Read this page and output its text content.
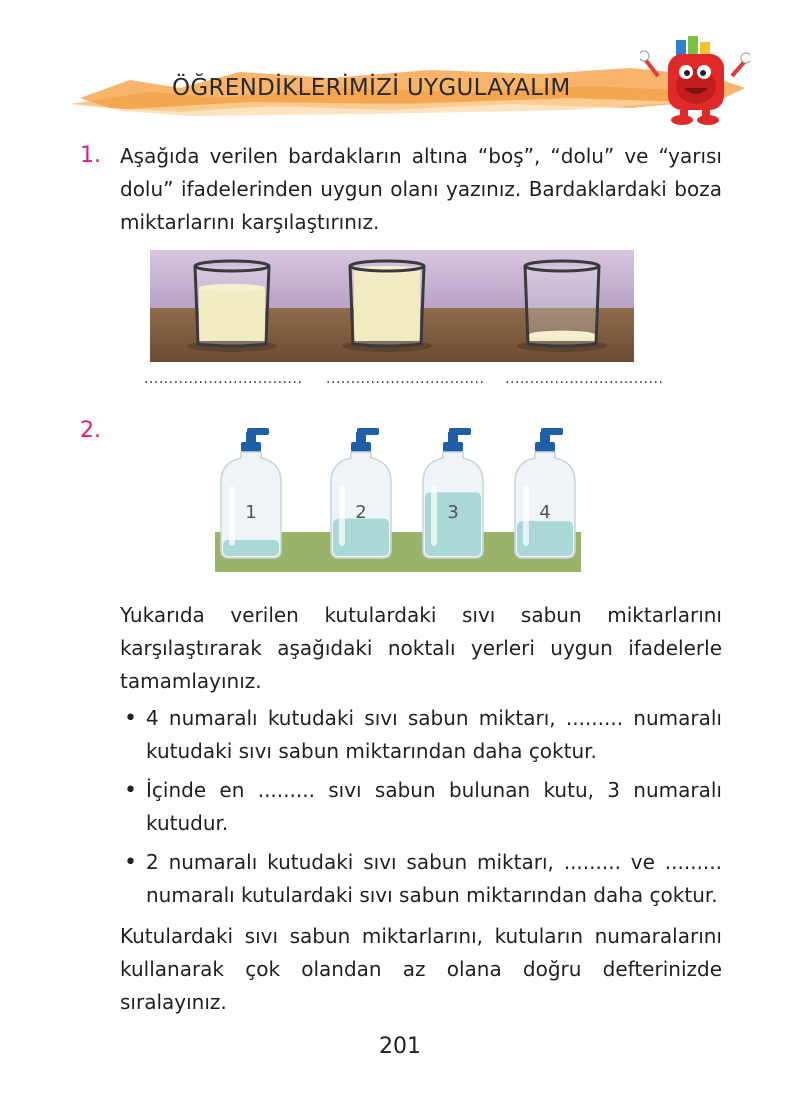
ÖĞRENDİKLERİMİZİ UYGULAYALIM
1. Aşağıda verilen bardakların altına “boş”, “dolu” ve “yarısı
dolu” ifadelerinden uygun olanı yazınız. Bardaklardaki boza
miktarlarını karşılaştırınız.
................................ ................................ ................................
2.
1	2	3	4
Yukarıda verilen kutulardaki sıvı sabun miktarlarını
karşılaştırarak aşağıdaki noktalı yerleri uygun ifadelerle
tamamlayınız.
• 4 numaralı kutudaki sıvı sabun miktarı, ......... numaralı kutudaki sıvı sabun miktarından daha çoktur.
• İçinde en ......... sıvı sabun bulunan kutu, 3 numaralı kutudur.
• 2 numaralı kutudaki sıvı sabun miktarı, ......... ve ......... numaralı kutulardaki sıvı sabun miktarından daha çoktur.
Kutulardaki sıvı sabun miktarlarını, kutuların numaralarını
kullanarak çok olandan az olana doğru defterinizde
sıralayınız.
201
